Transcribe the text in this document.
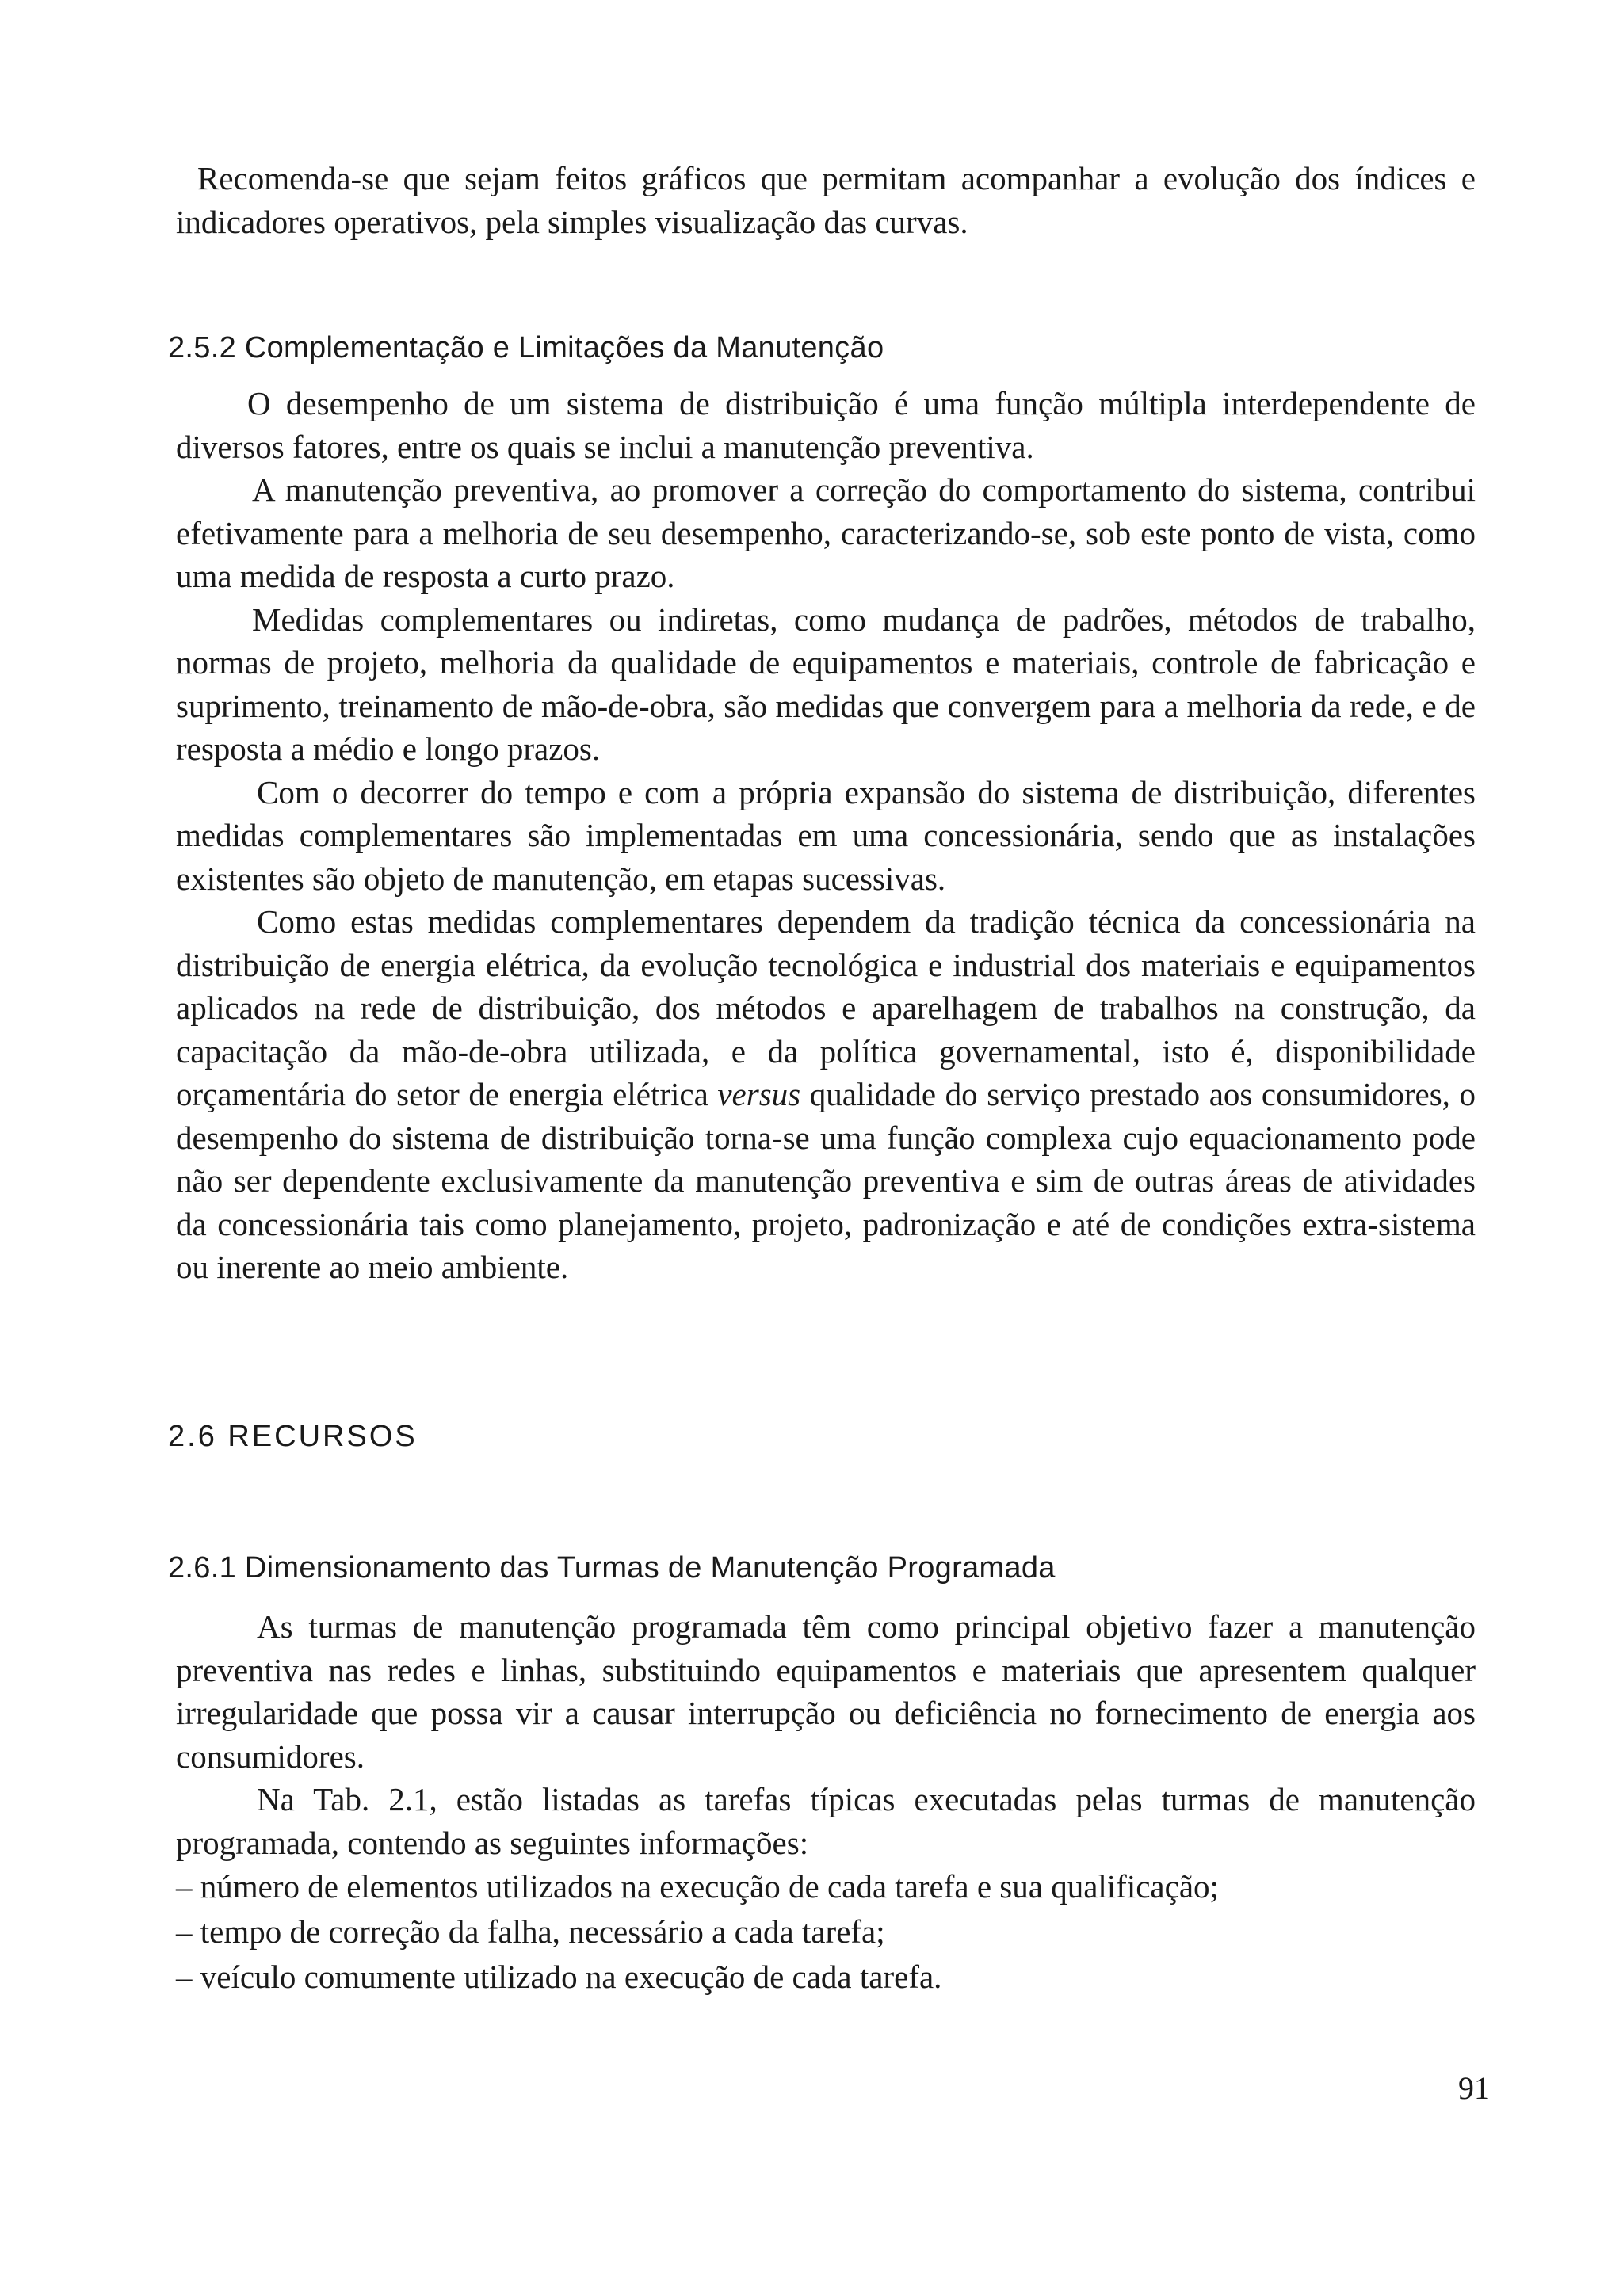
Recomenda-se que sejam feitos gráficos que permitam acompanhar a evolução dos índices e indicadores operativos, pela simples visualização das curvas.

2.5.2 Complementação e Limitações da Manutenção

O desempenho de um sistema de distribuição é uma função múltipla interdependente de diversos fatores, entre os quais se inclui a manutenção preventiva.

A manutenção preventiva, ao promover a correção do comportamento do sistema, contribui efetivamente para a melhoria de seu desempenho, caracterizando-se, sob este ponto de vista, como uma medida de resposta a curto prazo.

Medidas complementares ou indiretas, como mudança de padrões, métodos de trabalho, normas de projeto, melhoria da qualidade de equipamentos e materiais, controle de fabricação e suprimento, treinamento de mão-de-obra, são medidas que convergem para a melhoria da rede, e de resposta a médio e longo prazos.

Com o decorrer do tempo e com a própria expansão do sistema de distribuição, diferentes medidas complementares são implementadas em uma concessionária, sendo que as instalações existentes são objeto de manutenção, em etapas sucessivas.

Como estas medidas complementares dependem da tradição técnica da concessionária na distribuição de energia elétrica, da evolução tecnológica e industrial dos materiais e equipamentos aplicados na rede de distribuição, dos métodos e aparelhagem de trabalhos na construção, da capacitação da mão-de-obra utilizada, e da política governamental, isto é, disponibilidade orçamentária do setor de energia elétrica versus qualidade do serviço prestado aos consumidores, o desempenho do sistema de distribuição torna-se uma função complexa cujo equacionamento pode não ser dependente exclusivamente da manutenção preventiva e sim de outras áreas de atividades da concessionária tais como planejamento, projeto, padronização e até de condições extra-sistema ou inerente ao meio ambiente.

2.6 RECURSOS
2.6.1 Dimensionamento das Turmas de Manutenção Programada

As turmas de manutenção programada têm como principal objetivo fazer a manutenção preventiva nas redes e linhas, substituindo equipamentos e materiais que apresentem qualquer irregularidade que possa vir a causar interrupção ou deficiência no fornecimento de energia aos consumidores.

Na Tab. 2.1, estão listadas as tarefas típicas executadas pelas turmas de manutenção programada, contendo as seguintes informações:

– número de elementos utilizados na execução de cada tarefa e sua qualificação;
– tempo de correção da falha, necessário a cada tarefa;
– veículo comumente utilizado na execução de cada tarefa.
91
